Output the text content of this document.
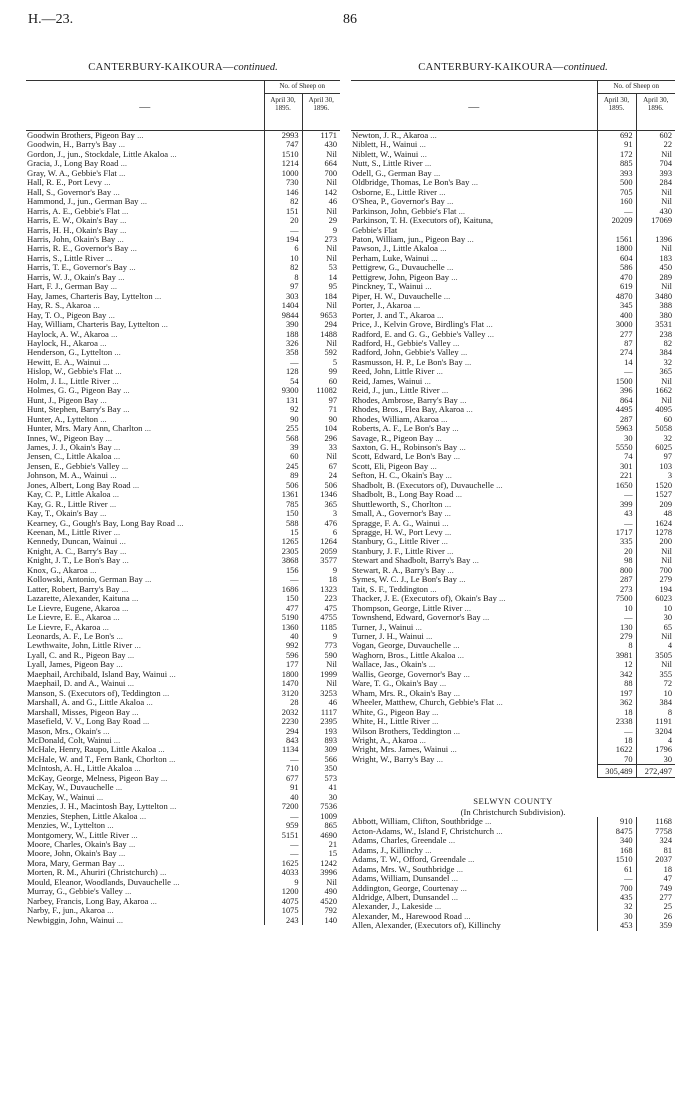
H.—23.	86
CANTERBURY-KAIKOURA—continued.
—	No. of Sheep on	
	April 30, 1895.	April 30, 1896.
Goodwin Brothers, Pigeon Bay ...	2993	1171
Goodwin, H., Barry's Bay ...	747	430
Gordon, J., jun., Stockdale, Little Akaloa ...	1510	Nil
Gracia, J., Long Bay Road ...	1214	664
Gray, W. A., Gebbie's Flat ...	1000	700
Hall, R. E., Port Levy ...	730	Nil
Hall, S., Governor's Bay ...	146	142
Hammond, J., jun., German Bay ...	82	46
Harris, A. E., Gebbie's Flat ...	151	Nil
Harris, E. W., Okain's Bay ...	20	29
Harris, H. H., Okain's Bay ...	—	9
Harris, John, Okain's Bay ...	194	273
Harris, R. E., Governor's Bay ...	6	Nil
Harris, S., Little River ...	10	Nil
Harris, T. E., Governor's Bay ...	82	53
Harris, W. J., Okain's Bay ...	8	14
Hart, F. J., German Bay ...	97	95
Hay, James, Charteris Bay, Lyttelton ...	303	184
Hay, R. S., Akaroa ...	1404	Nil
Hay, T. O., Pigeon Bay ...	9844	9653
Hay, William, Charteris Bay, Lyttelton ...	390	294
Haylock, A. W., Akaroa ...	188	1488
Haylock, H., Akaroa ...	326	Nil
Henderson, G., Lyttelton ...	358	592
Hewitt, E. A., Wainui ...	—	5
Hislop, W., Gebbie's Flat ...	128	99
Holm, J. L., Little River ...	54	60
Holmes, G. G., Pigeon Bay ...	9300	11082
Hunt, J., Pigeon Bay ...	131	97
Hunt, Stephen, Barry's Bay ...	92	71
Hunter, A., Lyttelton ...	90	90
Hunter, Mrs. Mary Ann, Charlton ...	255	104
Innes, W., Pigeon Bay ...	568	296
James, J. J., Okain's Bay ...	39	33
Jensen, C., Little Akaloa ...	60	Nil
Jensen, E., Gebbie's Valley ...	245	67
Johnson, M. A., Wainui ...	89	24
Jones, Albert, Long Bay Road ...	506	506
Kay, C. P., Little Akaloa ...	1361	1346
Kay, G. R., Little River ...	785	365
Kay, T., Okain's Bay ...	150	3
Kearney, G., Gough's Bay, Long Bay Road ...	588	476
Keenan, M., Little River ...	15	6
Kennedy, Duncan, Wainui ...	1265	1264
Knight, A. C., Barry's Bay ...	2305	2059
Knight, J. T., Le Bon's Bay ...	3868	3577
Knox, G., Akaroa ...	156	9
Kollowski, Antonio, German Bay ...	—	18
Latter, Robert, Barry's Bay ...	1686	1323
Lazarette, Alexander, Kaituna ...	150	223
Le Lievre, Eugene, Akaroa ...	477	475
Le Lievre, E. E., Akaroa ...	5190	4755
Le Lievre, F., Akaroa ...	1360	1185
Leonards, A. F., Le Bon's ...	40	9
Lewthwaite, John, Little River ...	992	773
Lyall, C. and R., Pigeon Bay ...	596	590
Lyall, James, Pigeon Bay ...	177	Nil
Maephail, Archibald, Island Bay, Wainui ...	1800	1999
Maephail, D. and A., Wainui ...	1470	Nil
Manson, S. (Executors of), Teddington ...	3120	3253
Marshall, A. and G., Little Akaloa ...	28	46
Marshall, Misses, Pigeon Bay ...	2032	1117
Masefield, V. V., Long Bay Road ...	2230	2395
Mason, Mrs., Okain's ...	294	193
McDonald, Colt, Wainui ...	843	893
McHale, Henry, Raupo, Little Akaloa ...	1134	309
McHale, W. and T., Fern Bank, Chorlton ...	—	566
McIntosh, A. H., Little Akaloa ...	710	350
McKay, George, Melness, Pigeon Bay ...	677	573
McKay, W., Duvauchelle ...	91	41
McKay, W., Wainui ...	40	30
Menzies, J. H., Macintosh Bay, Lyttelton ...	7200	7536
Menzies, Stephen, Little Akaloa ...	—	1009
Menzies, W., Lyttelton ...	959	865
Montgomery, W., Little River ...	5151	4690
Moore, Charles, Okain's Bay ...	—	21
Moore, John, Okain's Bay ...	—	15
Mora, Mary, German Bay ...	1625	1242
Morten, R. M., Ahuriri (Christchurch) ...	4033	3996
Mould, Eleanor, Woodlands, Duvauchelle ...	9	Nil
Murray, G., Gebbie's Valley ...	1200	490
Narbey, Francis, Long Bay, Akaroa ...	4075	4520
Narby, F., jun., Akaroa ...	1075	792
Newbiggin, John, Wainui ...	243	140
CANTERBURY-KAIKOURA—continued.
—	No. of Sheep on	
	April 30, 1895.	April 30, 1896.
Newton, J. R., Akaroa ...	692	602
Niblett, H., Wainui ...	91	22
Niblett, W., Wainui ...	172	Nil
Nutt, S., Little River ...	885	704
Odell, G., German Bay ...	393	393
Oldbridge, Thomas, Le Bon's Bay ...	500	284
Osborne, E., Little River ...	705	Nil
O'Shea, P., Governor's Bay ...	160	Nil
Parkinson, John, Gebbie's Flat ...	—	430
Parkinson, T. H. (Executors of), Kaituna,	20209	17069
Gebbie's Flat		
Paton, William, jun., Pigeon Bay ...	1561	1396
Pawson, J., Little Akaloa ...	1800	Nil
Perham, Luke, Wainui ...	604	183
Pettigrew, G., Duvauchelle ...	586	450
Pettigrew, John, Pigeon Bay ...	470	289
Pinckney, T., Wainui ...	619	Nil
Piper, H. W., Duvauchelle ...	4870	3480
Porter, J., Akaroa ...	345	388
Porter, J. and T., Akaroa ...	400	380
Price, J., Kelvin Grove, Birdling's Flat ...	3000	3531
Radford, E. and G. G., Gebbie's Valley ...	277	238
Radford, H., Gebbie's Valley ...	87	82
Radford, John, Gebbie's Valley ...	274	384
Rasmusson, H. P., Le Bon's Bay ...	14	32
Reed, John, Little River ...	—	365
Reid, James, Wainui ...	1500	Nil
Reid, J., jun., Little River ...	396	1662
Rhodes, Ambrose, Barry's Bay ...	864	Nil
Rhodes, Bros., Flea Bay, Akaroa ...	4495	4095
Rhodes, William, Akaroa ...	287	60
Roberts, A. F., Le Bon's Bay ...	5963	5058
Savage, R., Pigeon Bay ...	30	32
Saxton, G. H., Robinson's Bay ...	5550	6025
Scott, Edward, Le Bon's Bay ...	74	97
Scott, Eli, Pigeon Bay ...	301	103
Sefton, H. C., Okain's Bay ...	221	3
Shadbolt, B. (Executors of), Duvauchelle ...	1650	1520
Shadbolt, B., Long Bay Road ...	—	1527
Shuttleworth, S., Chorlton ...	399	209
Small, A., Governor's Bay ...	43	48
Spragge, F. A. G., Wainui ...	—	1624
Spragge, H. W., Port Levy ...	1717	1278
Stanbury, G., Little River ...	335	200
Stanbury, J. F., Little River ...	20	Nil
Stewart and Shadbolt, Barry's Bay ...	98	Nil
Stewart, R. A., Barry's Bay ...	800	700
Symes, W. C. J., Le Bon's Bay ...	287	279
Tait, S. F., Teddington ...	273	194
Thacker, J. E. (Executors of), Okain's Bay ...	7500	6023
Thompson, George, Little River ...	10	10
Townshend, Edward, Governor's Bay ...	—	30
Turner, J., Wainui ...	130	65
Turner, J. H., Wainui ...	279	Nil
Vogan, George, Duvauchelle ...	8	4
Waghorn, Bros., Little Akaloa ...	3981	3505
Wallace, Jas., Okain's ...	12	Nil
Wallis, George, Governor's Bay ...	342	355
Ware, T. G., Okain's Bay ...	88	72
Wham, Mrs. R., Okain's Bay ...	197	10
Wheeler, Matthew, Church, Gebbie's Flat ...	362	384
White, G., Pigeon Bay ...	18	8
White, H., Little River ...	2338	1191
Wilson Brothers, Teddington ...	—	3204
Wright, A., Akaroa ...	18	4
Wright, Mrs. James, Wainui ...	1622	1796
Wright, W., Barry's Bay ...	70	30
	305,489	272,497

SELWYN COUNTY		
(In Christchurch Subdivision).		
Abbott, William, Clifton, Southbridge ...	910	1168
Acton-Adams, W., Island F, Christchurch ...	8475	7758
Adams, Charles, Greendale ...	340	324
Adams, J., Killinchy ...	168	81
Adams, T. W., Offord, Greendale ...	1510	2037
Adams, Mrs. W., Southbridge ...	61	18
Adams, William, Dunsandel ...	—	47
Addington, George, Courtenay ...	700	749
Aldridge, Albert, Dunsandel ...	435	277
Alexander, J., Lakeside ...	32	25
Alexander, M., Harewood Road ...	30	26
Allen, Alexander, (Executors of), Killinchy	453	359
